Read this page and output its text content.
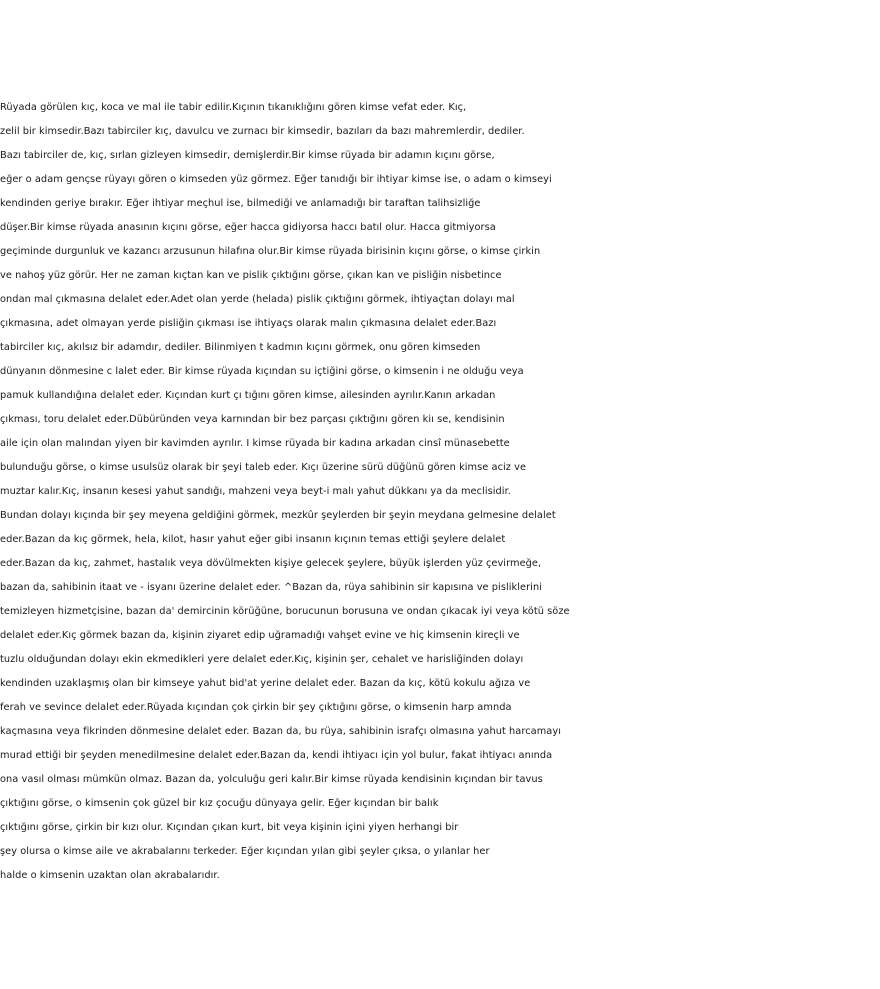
Rüyada görülen kıç, koca ve mal ile tabir edilir.Kıçının tıkanıklığını gören kimse vefat eder. Kıç,
zelil bir kimsedir.Bazı tabirciler kıç, davulcu ve zurnacı bir kimsedir, bazıları da bazı mahremlerdir, dediler.
Bazı tabirciler de, kıç, sırlan gizleyen kimsedir, demişlerdir.Bir kimse rüyada bir adamın kıçını görse,
eğer o adam gençse rüyayı gören o kimseden yüz görmez. Eğer tanıdığı bir ihtiyar kimse ise, o adam o kimseyi
kendinden geriye bırakır. Eğer ihtiyar meçhul ise, bilmediği ve anlamadığı bir taraftan talihsizliğe
düşer.Bir kimse rüyada anasının kıçını görse, eğer hacca gidiyorsa haccı batıl olur. Hacca gitmiyorsa
geçiminde durgunluk ve kazancı arzusunun hilafına olur.Bir kimse rüyada birisinin kıçını görse, o kimse çirkin
ve nahoş yüz görür. Her ne zaman kıçtan kan ve pislik çıktığını görse, çıkan kan ve pisliğin nisbetince
ondan mal çıkmasına delalet eder.Adet olan yerde (helada) pislik çıktığını görmek, ihtiyaçtan dolayı mal
çıkmasına, adet olmayan yerde pisliğin çıkması ise ihtiyaçs olarak malın çıkmasına delalet eder.Bazı
tabirciler kıç, akılsız bir adamdır, dediler. Bilinmiyen t kadmın kıçını görmek, onu gören kimseden
dünyanın dönmesine c lalet eder. Bir kimse rüyada kıçından su içtiğini görse, o kimsenin i ne olduğu veya
pamuk kullandığına delalet eder. Kıçından kurt çı tığını gören kimse, ailesinden ayrılır.Kanın arkadan
çıkması, toru delalet eder.Dübüründen veya karnından bir bez parçası çıktığını gören kiı se, kendisinin
aile için olan malından yiyen bir kavimden ayrılır. I kimse rüyada bir kadına arkadan cinsî münasebette
bulunduğu görse, o kimse usulsüz olarak bir şeyi taleb eder. Kıçı üzerine sürü düğünü gören kimse aciz ve
muztar kalır.Kıç, insanın kesesi yahut sandığı, mahzeni veya beyt-i malı yahut dükkanı ya da meclisidir.
Bundan dolayı kıçında bir şey meyena geldiğini görmek, mezkûr şeylerden bir şeyin meydana gelmesine delalet
eder.Bazan da kıç görmek, hela, kilot, hasır yahut eğer gibi insanın kıçının temas ettiği şeylere delalet
eder.Bazan da kıç, zahmet, hastalık veya dövülmekten kişiye gelecek şeylere, büyük işlerden yüz çevirmeğe,
bazan da, sahibinin itaat ve - isyanı üzerine delalet eder. ^Bazan da, rüya sahibinin sir kapısına ve pisliklerini
temizleyen hizmetçisine, bazan da' demircinin körüğüne, borucunun borusuna ve ondan çıkacak iyi veya kötü söze
delalet eder.Kıç görmek bazan da, kişinin ziyaret edip uğramadığı vahşet evine ve hiç kimsenin kireçli ve
tuzlu olduğundan dolayı ekin ekmedikleri yere delalet eder.Kıç, kişinin şer, cehalet ve harisliğinden dolayı
kendinden uzaklaşmış olan bir kimseye yahut bid'at yerine delalet eder. Bazan da kıç, kötü kokulu ağıza ve
ferah ve sevince delalet eder.Rüyada kıçından çok çirkin bir şey çıktığını görse, o kimsenin harp amnda
kaçmasına veya fikrinden dönmesine delalet eder. Bazan da, bu rüya, sahibinin israfçı olmasına yahut harcamayı
murad ettiği bir şeyden menedilmesine delalet eder.Bazan da, kendi ihtiyacı için yol bulur, fakat ihtiyacı anında
ona vasıl olması mümkün olmaz. Bazan da, yolculuğu geri kalır.Bir kimse rüyada kendisinin kıçından bir tavus
çıktığını görse, o kimsenin çok güzel bir kız çocuğu dünyaya gelir. Eğer kıçından bir balık
çıktığını görse, çirkin bir kızı olur. Kıçından çıkan kurt, bit veya kişinin içini yiyen herhangi bir
şey olursa o kimse aile ve akrabalarını terkeder. Eğer kıçından yılan gibi şeyler çıksa, o yılanlar her
halde o kimsenin uzaktan olan akrabalarıdır.
